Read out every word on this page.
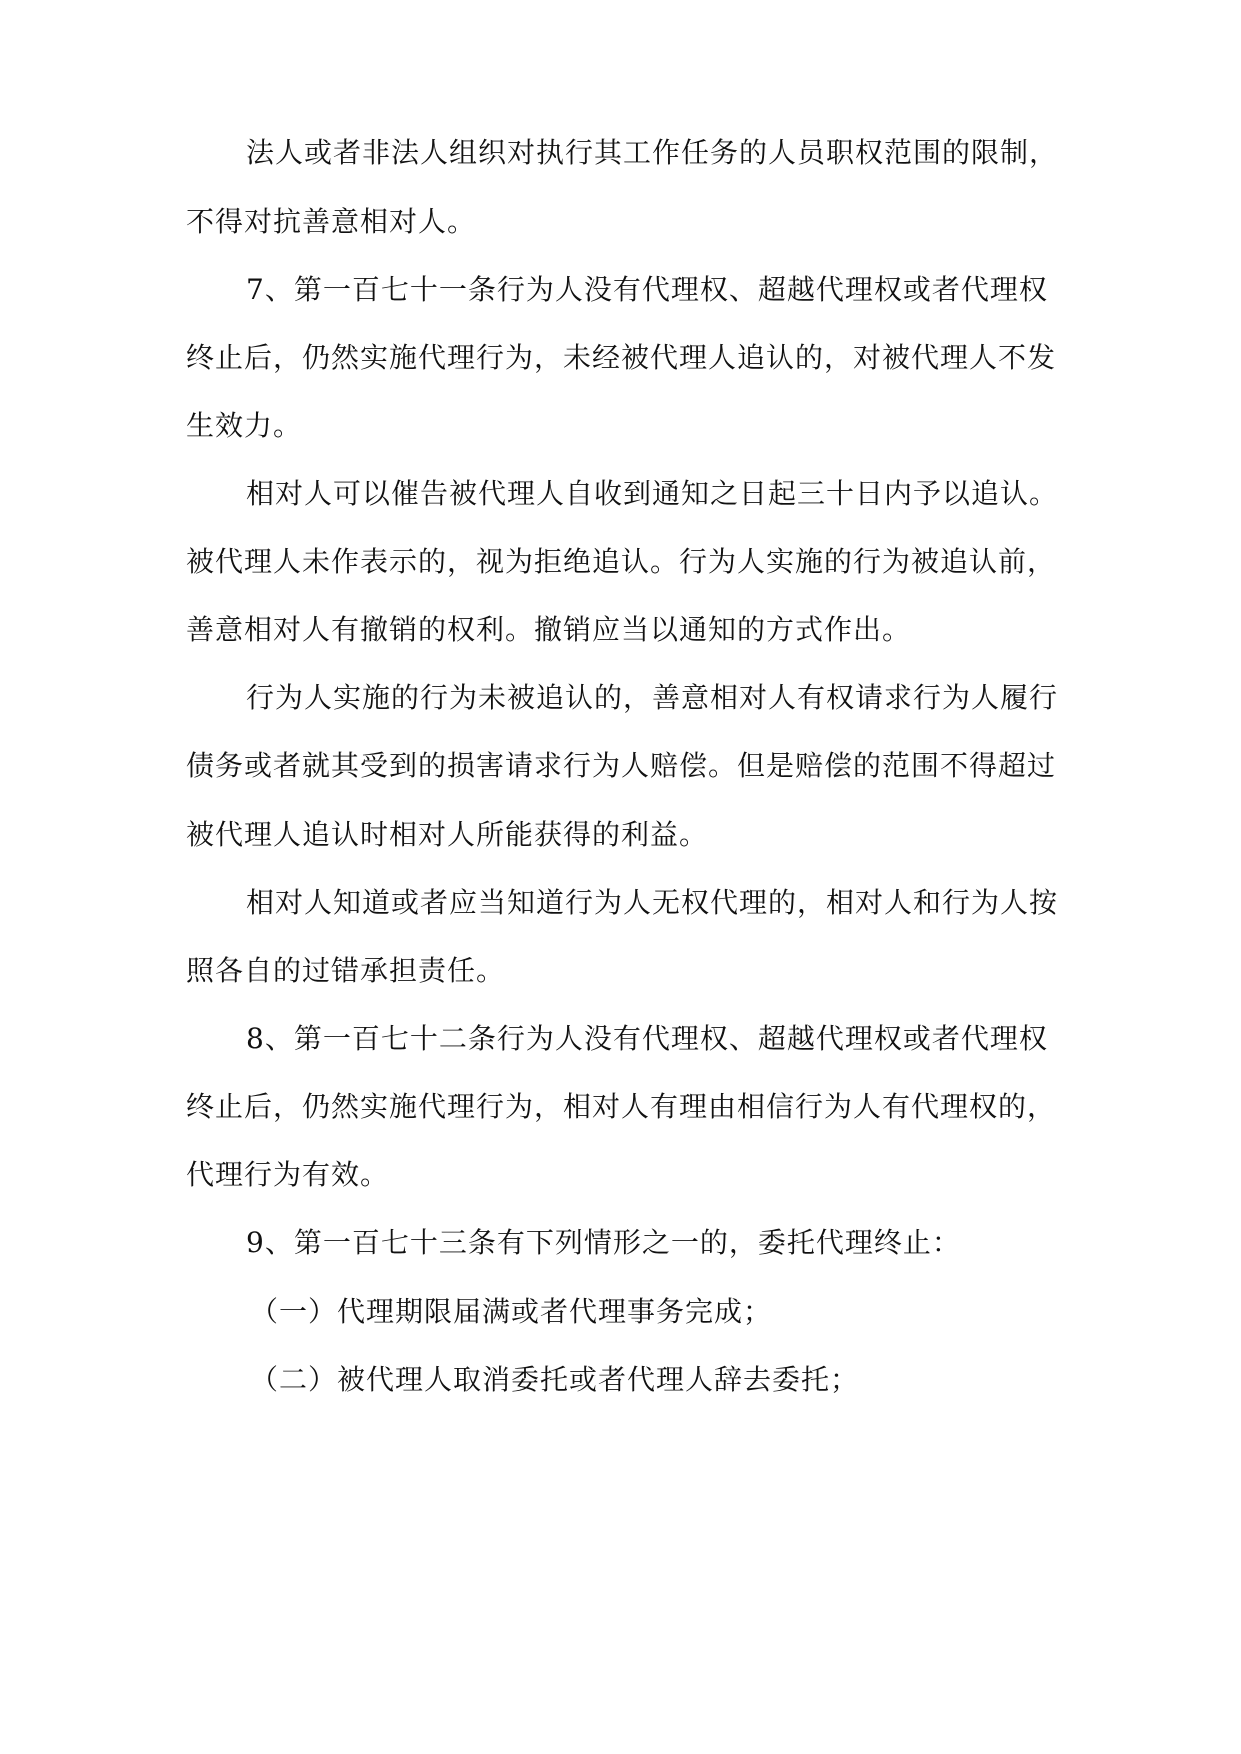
法人或者非法人组织对执行其工作任务的人员职权范围的限制，
不得对抗善意相对人。
7、第一百七十一条行为人没有代理权、超越代理权或者代理权
终止后，仍然实施代理行为，未经被代理人追认的，对被代理人不发
生效力。
相对人可以催告被代理人自收到通知之日起三十日内予以追认。
被代理人未作表示的，视为拒绝追认。行为人实施的行为被追认前，
善意相对人有撤销的权利。撤销应当以通知的方式作出。
行为人实施的行为未被追认的，善意相对人有权请求行为人履行
债务或者就其受到的损害请求行为人赔偿。但是赔偿的范围不得超过
被代理人追认时相对人所能获得的利益。
相对人知道或者应当知道行为人无权代理的，相对人和行为人按
照各自的过错承担责任。
8、第一百七十二条行为人没有代理权、超越代理权或者代理权
终止后，仍然实施代理行为，相对人有理由相信行为人有代理权的，
代理行为有效。
9、第一百七十三条有下列情形之一的，委托代理终止：
（一）代理期限届满或者代理事务完成；
（二）被代理人取消委托或者代理人辞去委托；
